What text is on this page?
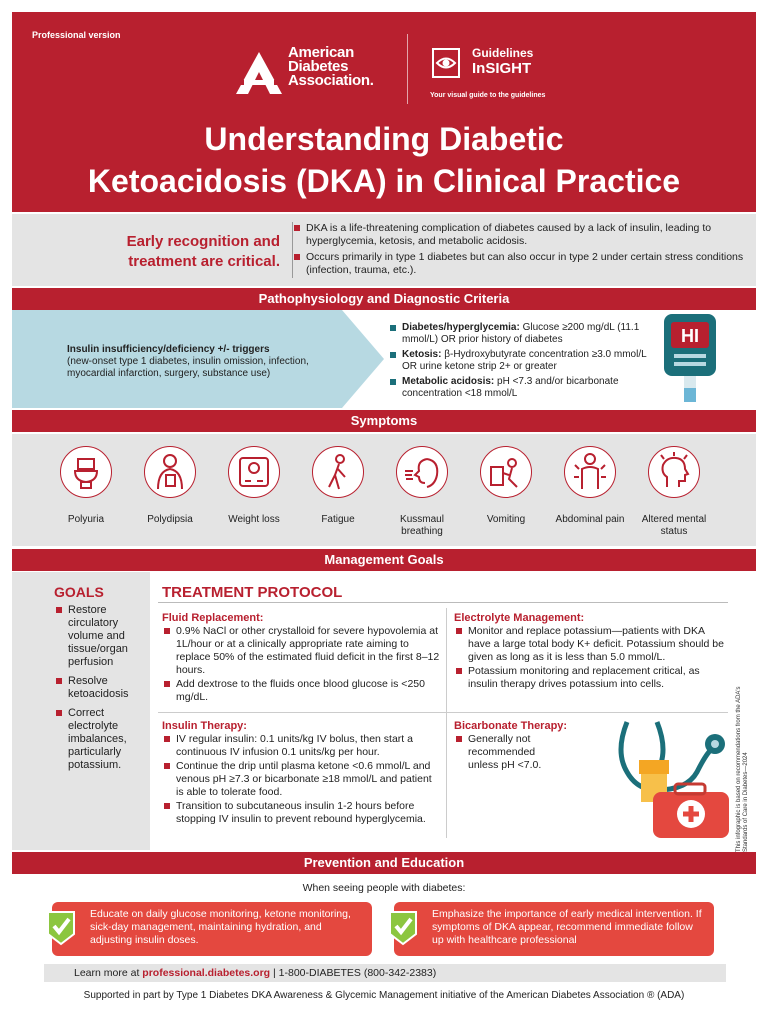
Professional version
American
Diabetes
Association.
Guidelines
InSIGHT
Your visual guide to the guidelines
Understanding Diabetic
Ketoacidosis (DKA) in Clinical Practice
Early recognition and
treatment are critical.
DKA is a life-threatening complication of diabetes caused by a lack of insulin, leading to hyperglycemia, ketosis, and metabolic acidosis.
Occurs primarily in type 1 diabetes but can also occur in type 2 under certain stress conditions (infection, trauma, etc.).
Pathophysiology and Diagnostic Criteria
Insulin insufficiency/deficiency +/- triggers
(new-onset type 1 diabetes, insulin omission, infection, myocardial infarction, surgery, substance use)
Diabetes/hyperglycemia: Glucose ≥200 mg/dL (11.1 mmol/L) OR prior history of diabetes
Ketosis: β-Hydroxybutyrate concentration ≥3.0 mmol/L OR urine ketone strip 2+ or greater
Metabolic acidosis: pH <7.3 and/or bicarbonate concentration <18 mmol/L
HI
Symptoms
Polyuria	Polydipsia	Weight loss	Fatigue	Kussmaul breathing
Vomiting	Abdominal pain	Altered mental status
Management Goals
GOALS
Restore circulatory volume and tissue/organ perfusion
Resolve ketoacidosis
Correct electrolyte imbalances, particularly potassium.
TREATMENT PROTOCOL
Fluid Replacement:
0.9% NaCl or other crystalloid for severe hypovolemia at 1L/hour or at a clinically appropriate rate aiming to replace 50% of the estimated fluid deficit in the first 8–12 hours.
Add dextrose to the fluids once blood glucose is <250 mg/dL.
Electrolyte Management:
Monitor and replace potassium—patients with DKA have a large total body K+ deficit. Potassium should be given as long as it is less than 5.0 mmol/L.
Potassium monitoring and replacement critical, as insulin therapy drives potassium into cells.
Insulin Therapy:
IV regular insulin: 0.1 units/kg IV bolus, then start a continuous IV infusion 0.1 units/kg per hour.
Continue the drip until plasma ketone <0.6 mmol/L and venous pH ≥7.3 or bicarbonate ≥18 mmol/L and patient is able to tolerate food.
Transition to subcutaneous insulin 1-2 hours before stopping IV insulin to prevent rebound hyperglycemia.
Bicarbonate Therapy:
Generally not recommended unless pH <7.0.	This infographic is based on recommendations from the ADA's Standards of Care in Diabetes—2024
Prevention and Education
When seeing people with diabetes:
Educate on daily glucose monitoring, ketone monitoring, sick-day management, maintaining hydration, and adjusting insulin doses.
Emphasize the importance of early medical intervention. If symptoms of DKA appear, recommend immediate follow up with healthcare professional
Learn more at professional.diabetes.org | 1-800-DIABETES (800-342-2383)
Supported in part by Type 1 Diabetes DKA Awareness & Glycemic Management initiative of the American Diabetes Association ® (ADA)
